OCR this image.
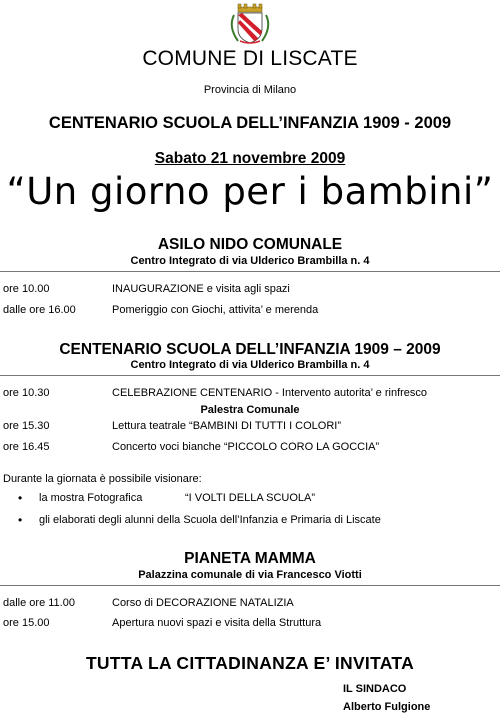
COMUNE DI LISCATE
Provincia di Milano
CENTENARIO SCUOLA DELL’INFANZIA 1909 - 2009
Sabato 21 novembre 2009
“Un giorno per i bambini”
ASILO NIDO COMUNALE
Centro Integrato di via Ulderico Brambilla n. 4
ore 10.00	INAUGURAZIONE e visita agli spazi
dalle ore 16.00	Pomeriggio con Giochi, attivita’ e merenda
CENTENARIO SCUOLA DELL’INFANZIA 1909 – 2009
Centro Integrato di via Ulderico Brambilla n. 4
ore 10.30	CELEBRAZIONE CENTENARIO - Intervento autorita’ e rinfresco
Palestra Comunale
ore 15.30	Lettura teatrale “BAMBINI DI TUTTI I COLORI”
ore 16.45	Concerto voci bianche “PICCOLO CORO LA GOCCIA”
Durante la giornata è possibile visionare:
• la mostra Fotografica	“I VOLTI DELLA SCUOLA”
• gli elaborati degli alunni della Scuola dell’Infanzia e Primaria di Liscate
PIANETA MAMMA
Palazzina comunale di via Francesco Viotti
dalle ore 11.00	Corso di DECORAZIONE NATALIZIA
ore 15.00	Apertura nuovi spazi e visita della Struttura
TUTTA LA CITTADINANZA E’ INVITATA
IL SINDACO
Alberto Fulgione
